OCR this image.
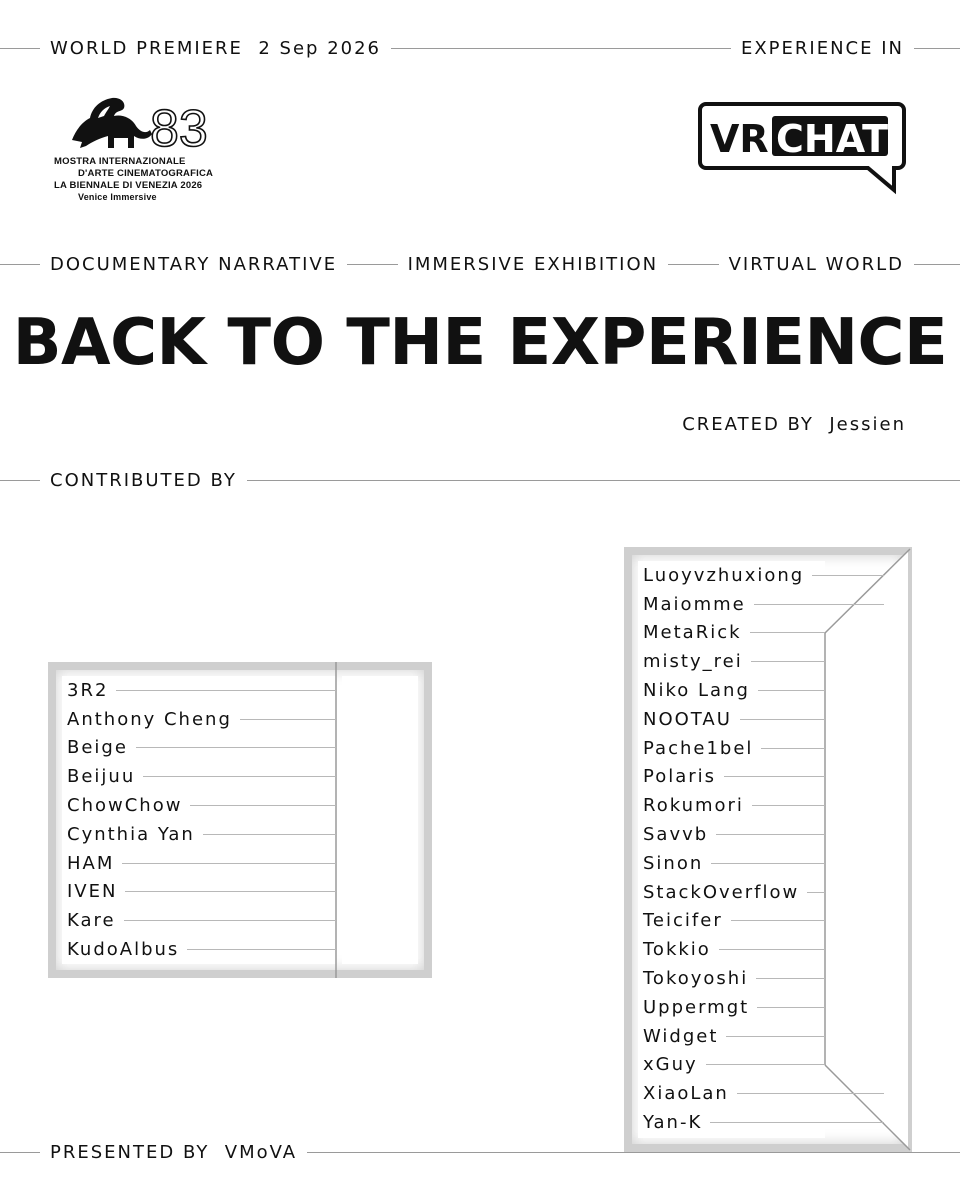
WORLD PREMIERE 2 Sep 2026	EXPERIENCE IN
83
MOSTRA INTERNAZIONALE
D'ARTE CINEMATOGRAFICA
LA BIENNALE DI VENEZIA 2026
Venice Immersive
VR CHAT
DOCUMENTARY NARRATIVE	IMMERSIVE EXHIBITION	VIRTUAL WORLD
BACK TO THE EXPERIENCE
CREATED BY Jessien
CONTRIBUTED BY
3R2
Anthony Cheng
Beige
Beijuu
ChowChow
Cynthia Yan
HAM
IVEN
Kare
KudoAlbus
Luoyvzhuxiong
Maiomme
MetaRick
misty_rei
Niko Lang
NOOTAU
Pache1bel
Polaris
Rokumori
Savvb
Sinon
StackOverflow
Teicifer
Tokkio
Tokoyoshi
Uppermgt
Widget
xGuy
XiaoLan
Yan-K
PRESENTED BY VMoVA
